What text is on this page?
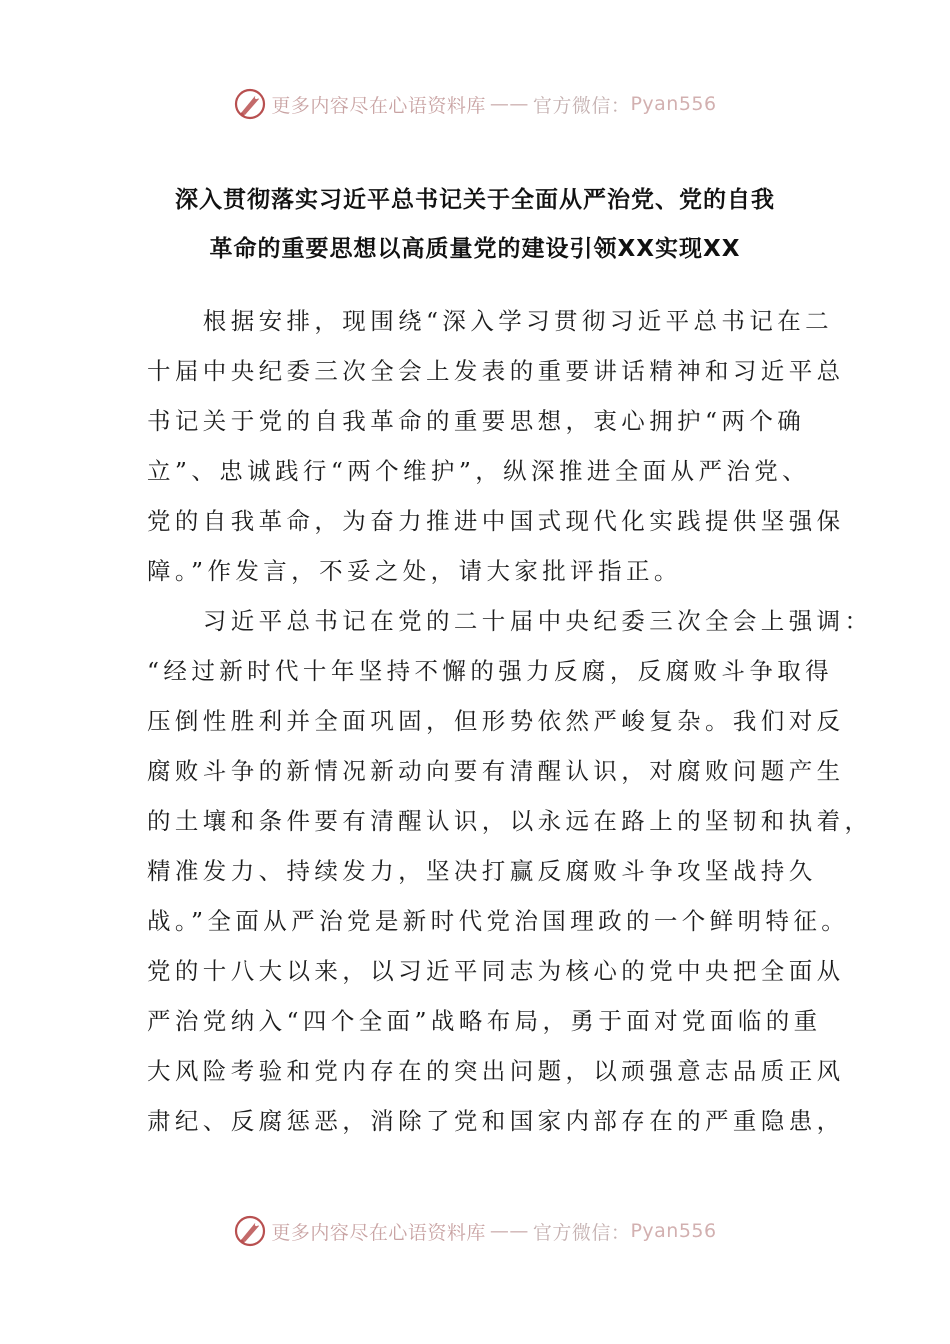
更多内容尽在心语资料库 —— 官方微信： Pyan556
深入贯彻落实习近平总书记关于全面从严治党、党的自我
革命的重要思想以高质量党的建设引领XX实现XX
　　根据安排，现围绕“深入学习贯彻习近平总书记在二
十届中央纪委三次全会上发表的重要讲话精神和习近平总
书记关于党的自我革命的重要思想，衷心拥护“两个确
立”、忠诚践行“两个维护”，纵深推进全面从严治党、
党的自我革命，为奋力推进中国式现代化实践提供坚强保
障。”作发言，不妥之处，请大家批评指正。
　　习近平总书记在党的二十届中央纪委三次全会上强调：
“经过新时代十年坚持不懈的强力反腐，反腐败斗争取得
压倒性胜利并全面巩固，但形势依然严峻复杂。我们对反
腐败斗争的新情况新动向要有清醒认识，对腐败问题产生
的土壤和条件要有清醒认识，以永远在路上的坚韧和执着，
精准发力、持续发力，坚决打赢反腐败斗争攻坚战持久
战。”全面从严治党是新时代党治国理政的一个鲜明特征。
党的十八大以来，以习近平同志为核心的党中央把全面从
严治党纳入“四个全面”战略布局，勇于面对党面临的重
大风险考验和党内存在的突出问题，以顽强意志品质正风
肃纪、反腐惩恶，消除了党和国家内部存在的严重隐患，
更多内容尽在心语资料库 —— 官方微信： Pyan556
